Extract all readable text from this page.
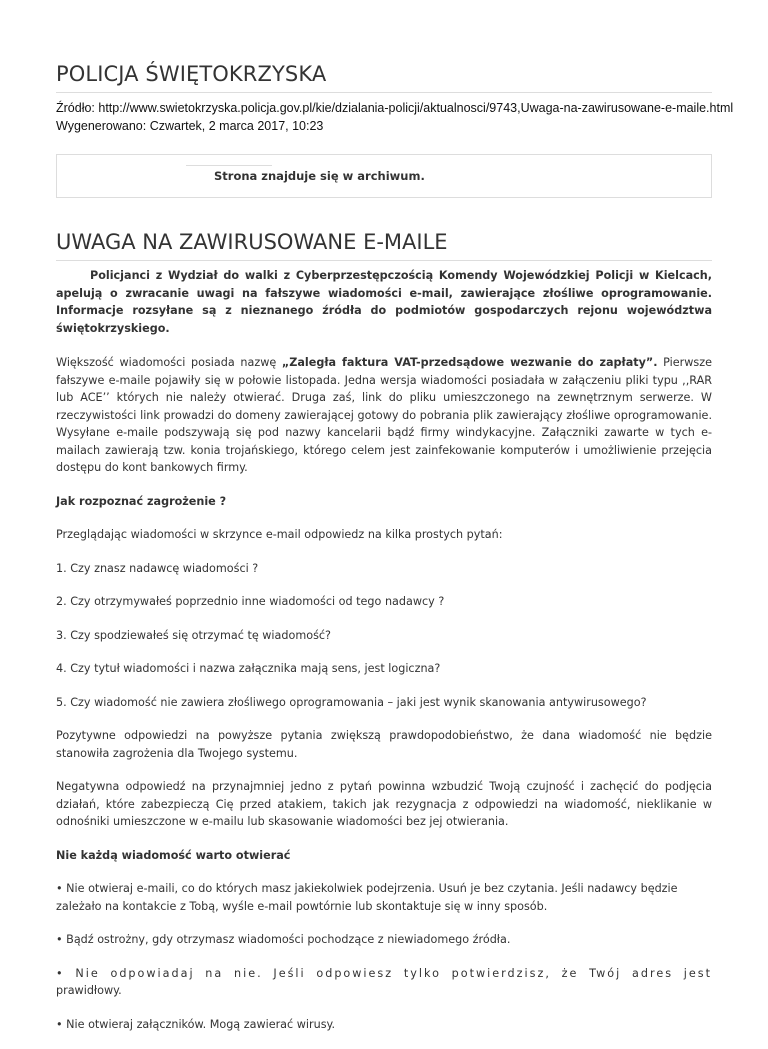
POLICJA ŚWIĘTOKRZYSKA
Źródło: http://www.swietokrzyska.policja.gov.pl/kie/dzialania-policji/aktualnosci/9743,Uwaga-na-zawirusowane-e-maile.html
Wygenerowano: Czwartek, 2 marca 2017, 10:23
Strona znajduje się w archiwum.
UWAGA NA ZAWIRUSOWANE E-MAILE

Policjanci z Wydział do walki z Cyberprzestępczością Komendy Wojewódzkiej Policji w Kielcach, apelują o zwracanie uwagi na fałszywe wiadomości e-mail, zawierające złośliwe oprogramowanie. Informacje rozsyłane są z nieznanego źródła do podmiotów gospodarczych rejonu województwa świętokrzyskiego.

Większość wiadomości posiada nazwę „Zaległa faktura VAT-przedsądowe wezwanie do zapłaty”. Pierwsze fałszywe e-maile pojawiły się w połowie listopada. Jedna wersja wiadomości posiadała w załączeniu pliki typu ,,RAR lub ACE’’ których nie należy otwierać. Druga zaś, link do pliku umieszczonego na zewnętrznym serwerze. W rzeczywistości link prowadzi do domeny zawierającej gotowy do pobrania plik zawierający złośliwe oprogramowanie. Wysyłane e-maile podszywają się pod nazwy kancelarii bądź firmy windykacyjne. Załączniki zawarte w tych e-mailach zawierają tzw. konia trojańskiego, którego celem jest zainfekowanie komputerów i umożliwienie przejęcia dostępu do kont bankowych firmy.

Jak rozpoznać zagrożenie ?

Przeglądając wiadomości w skrzynce e-mail odpowiedz na kilka prostych pytań:

1. Czy znasz nadawcę wiadomości ?

2. Czy otrzymywałeś poprzednio inne wiadomości od tego nadawcy ?

3. Czy spodziewałeś się otrzymać tę wiadomość?

4. Czy tytuł wiadomości i nazwa załącznika mają sens, jest logiczna?

5. Czy wiadomość nie zawiera złośliwego oprogramowania – jaki jest wynik skanowania antywirusowego?

Pozytywne odpowiedzi na powyższe pytania zwiększą prawdopodobieństwo, że dana wiadomość nie będzie stanowiła zagrożenia dla Twojego systemu.

Negatywna odpowiedź na przynajmniej jedno z pytań powinna wzbudzić Twoją czujność i zachęcić do podjęcia działań, które zabezpieczą Cię przed atakiem, takich jak rezygnacja z odpowiedzi na wiadomość, nieklikanie w odnośniki umieszczone w e-mailu lub skasowanie wiadomości bez jej otwierania.

Nie każdą wiadomość warto otwierać

• Nie otwieraj e-maili, co do których masz jakiekolwiek podejrzenia. Usuń je bez czytania. Jeśli nadawcy będzie zależało na kontakcie z Tobą, wyśle e-mail powtórnie lub skontaktuje się w inny sposób.

• Bądź ostrożny, gdy otrzymasz wiadomości pochodzące z niewiadomego źródła.

• Nie odpowiadaj na nie. Jeśli odpowiesz tylko potwierdzisz, że Twój adres jest

prawidłowy.

• Nie otwieraj załączników. Mogą zawierać wirusy.
